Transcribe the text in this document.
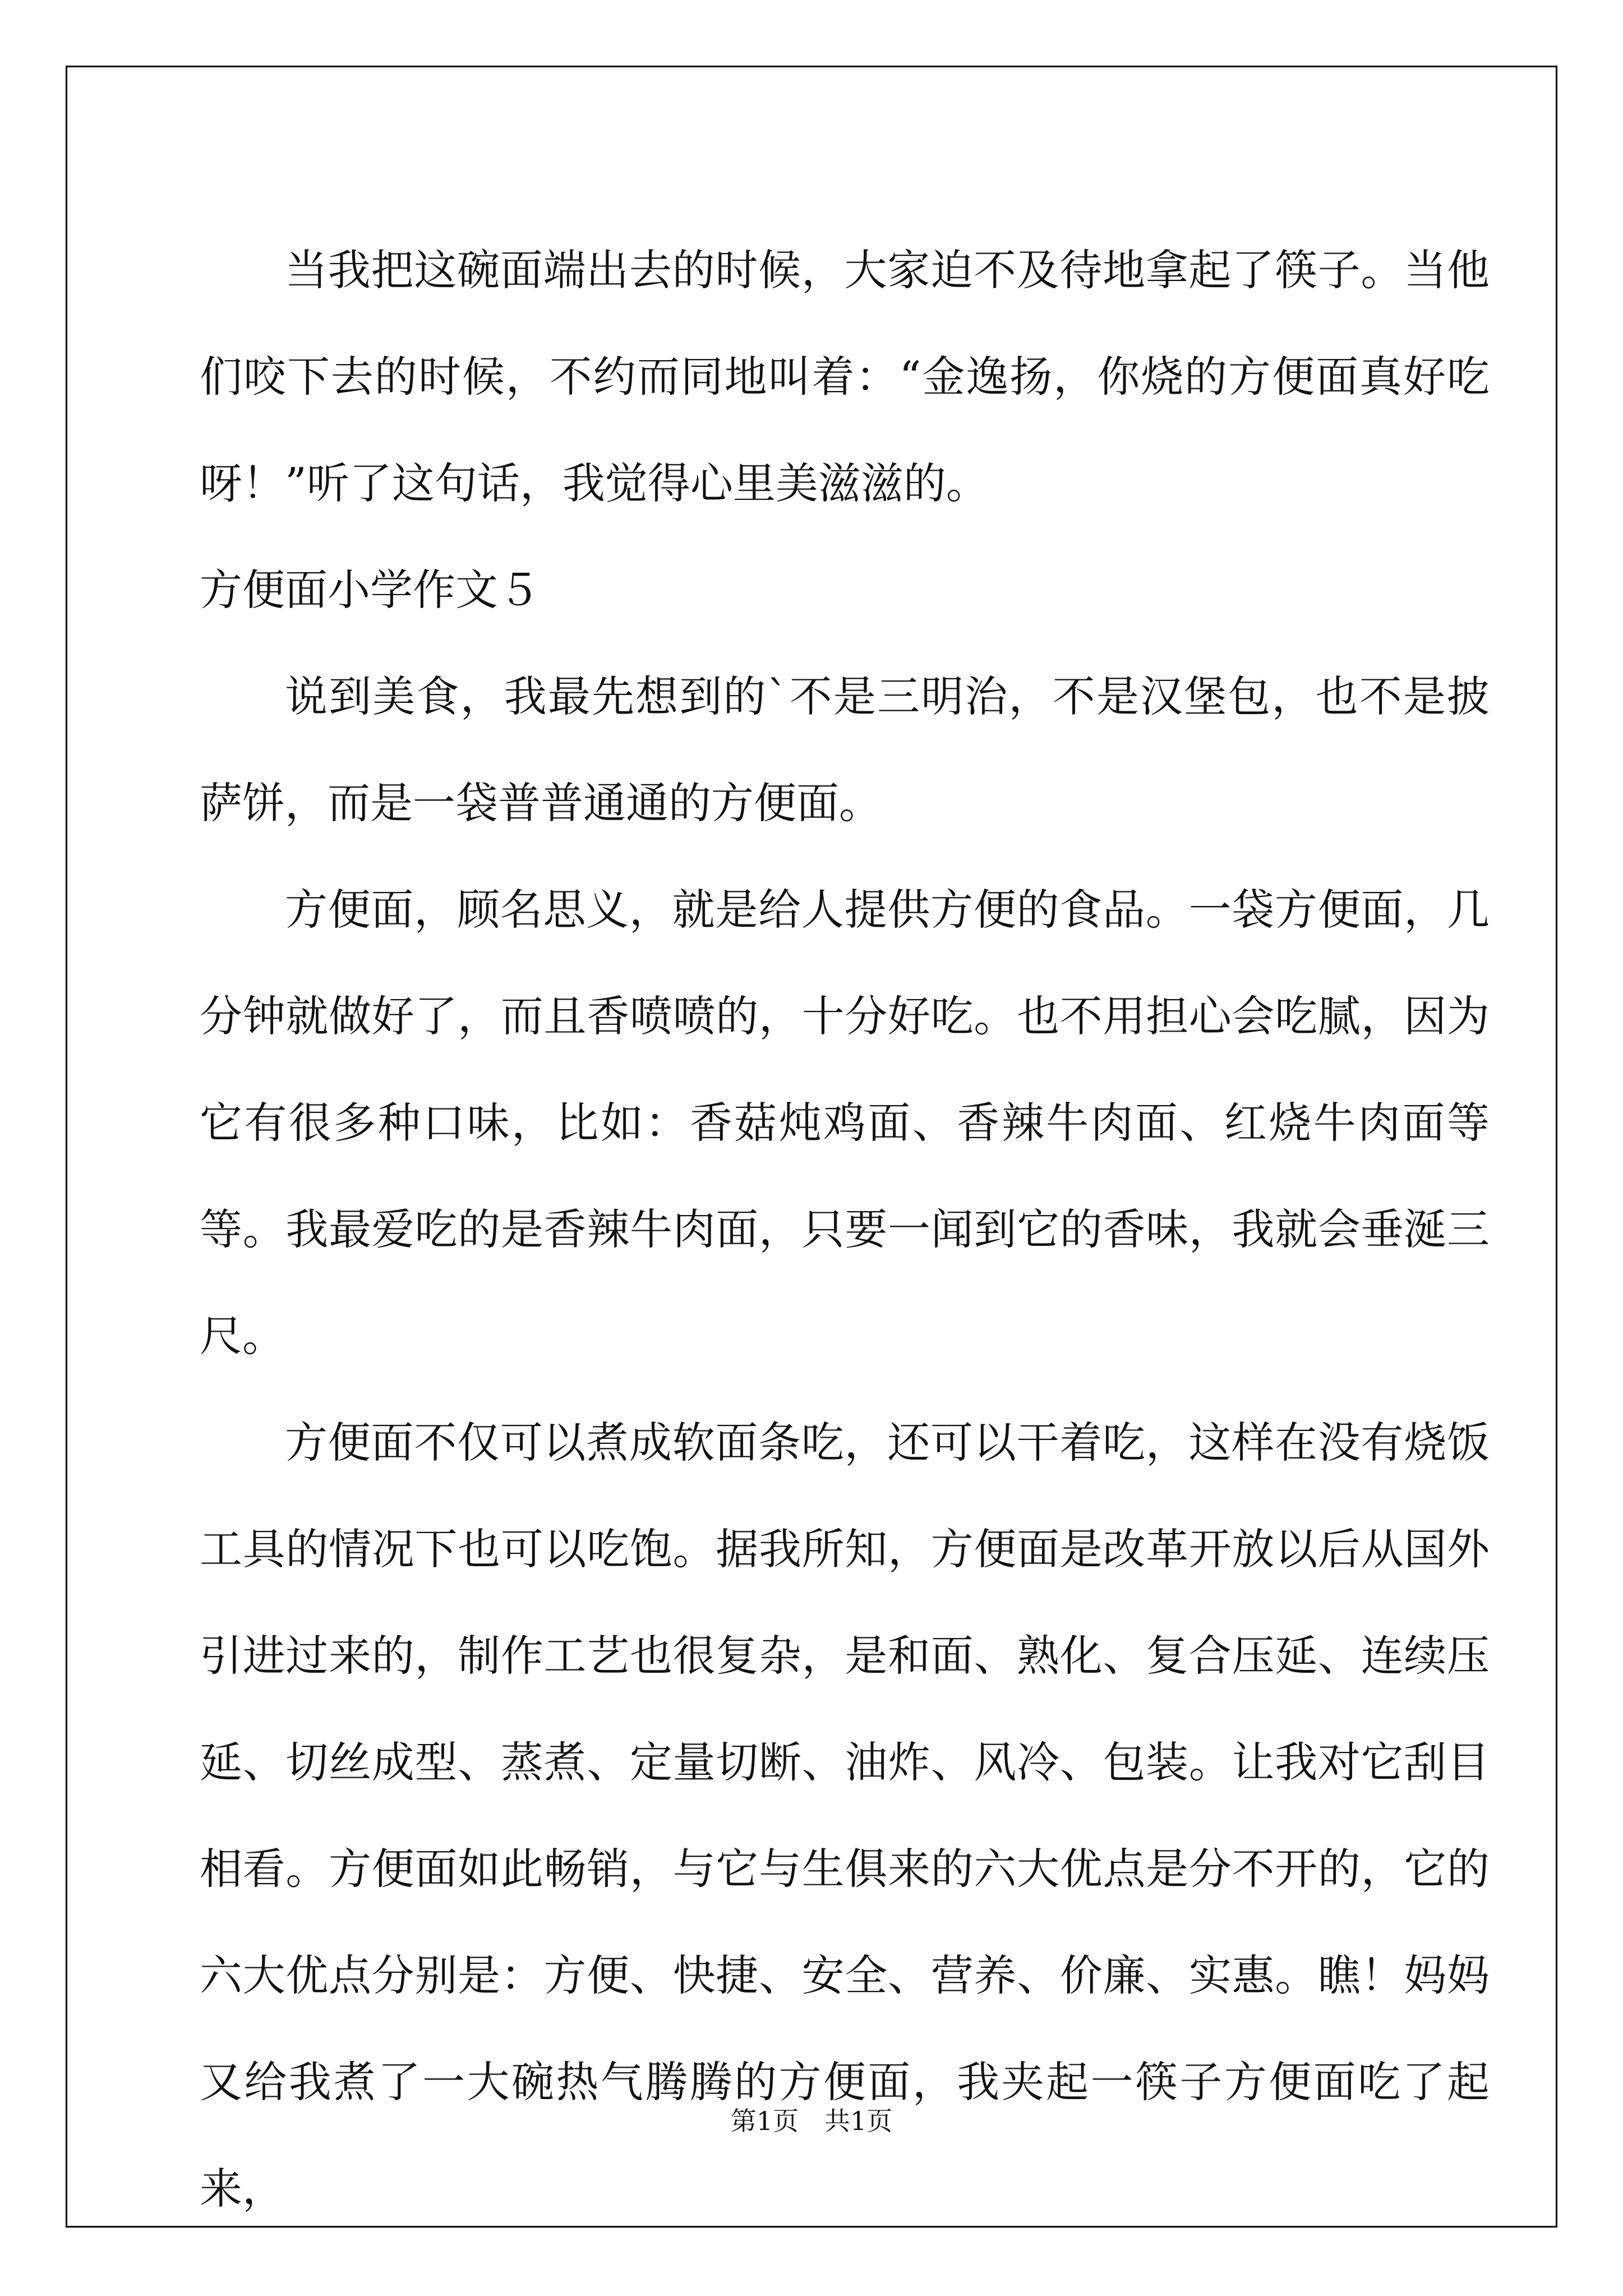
当我把这碗面端出去的时候，大家迫不及待地拿起了筷子。当他们咬下去的时候，不约而同地叫着：“金逸扬，你烧的方便面真好吃呀！”听了这句话，我觉得心里美滋滋的。

方便面小学作文５

说到美食，我最先想到的`不是三明治，不是汉堡包，也不是披萨饼，而是一袋普普通通的方便面。

方便面，顾名思义，就是给人提供方便的食品。一袋方便面，几分钟就做好了，而且香喷喷的，十分好吃。也不用担心会吃腻，因为它有很多种口味，比如：香菇炖鸡面、香辣牛肉面、红烧牛肉面等等。我最爱吃的是香辣牛肉面，只要一闻到它的香味，我就会垂涎三尺。

方便面不仅可以煮成软面条吃，还可以干着吃，这样在没有烧饭工具的情况下也可以吃饱。据我所知，方便面是改革开放以后从国外引进过来的，制作工艺也很复杂，是和面、熟化、复合压延、连续压延、切丝成型、蒸煮、定量切断、油炸、风冷、包装。让我对它刮目相看。方便面如此畅销，与它与生俱来的六大优点是分不开的，它的六大优点分别是：方便、快捷、安全、营养、价廉、实惠。瞧！妈妈又给我煮了一大碗热气腾腾的方便面，我夹起一筷子方便面吃了起来，

第1页　共1页
